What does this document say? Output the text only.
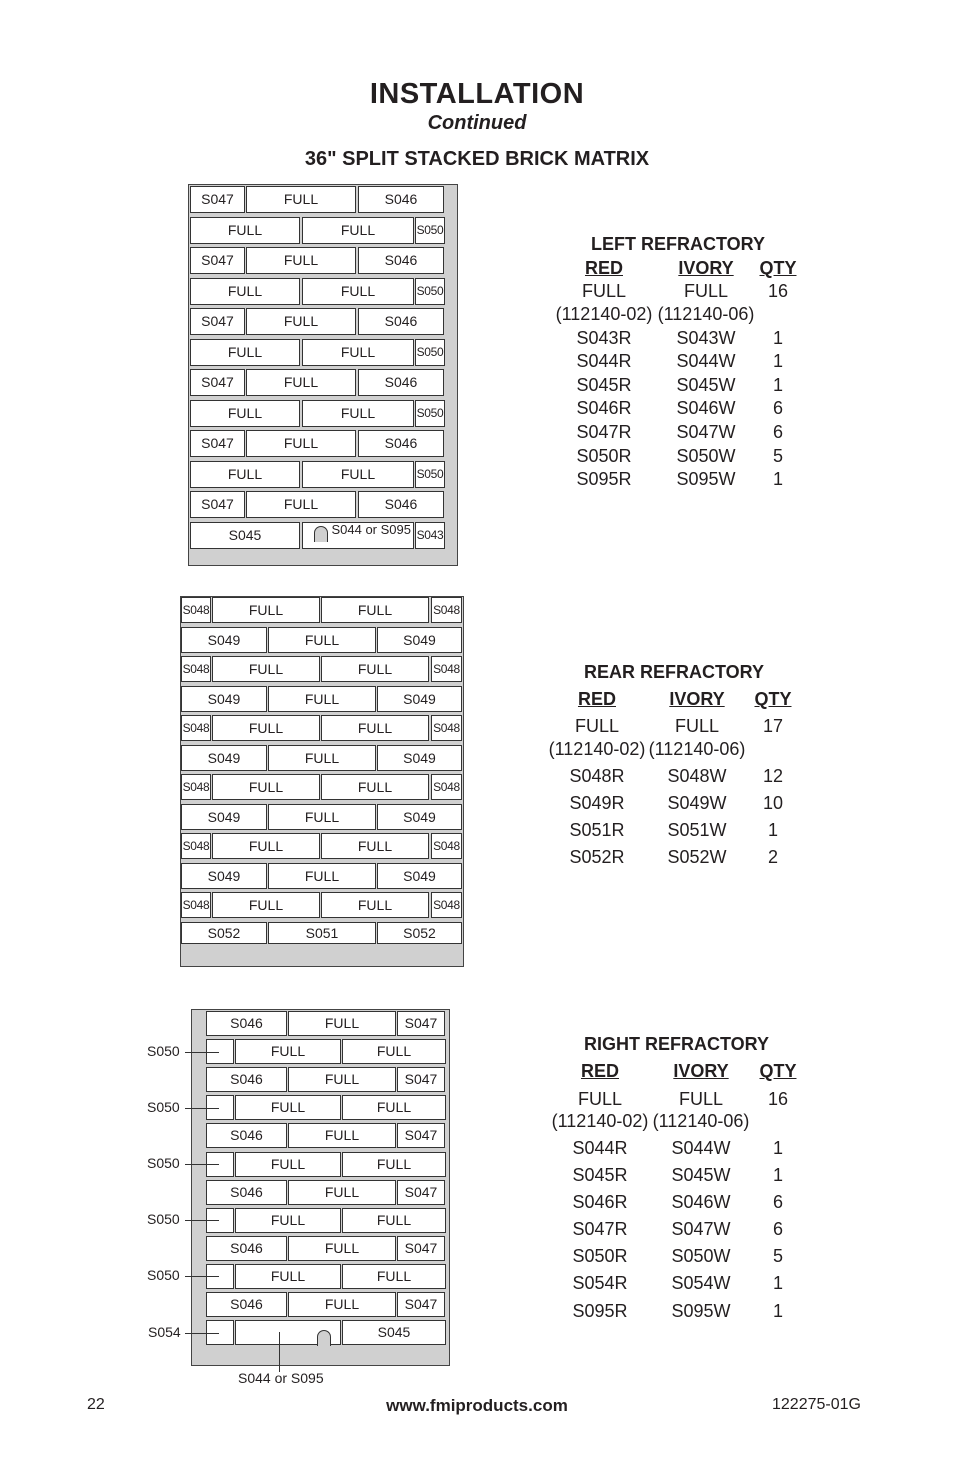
INSTALLATION
Continued
36" SPLIT STACKED BRICK MATRIX
S047	FULL	S046
FULL	FULL	S050
S047	FULL	S046
FULL	FULL	S050
S047	FULL	S046
FULL	FULL	S050
S047	FULL	S046
FULL	FULL	S050
S047	FULL	S046
FULL	FULL	S050
S047	FULL	S046
S045	S044 or S095 S043
S048	FULL	FULL	S048
S049	FULL	S049
S048	FULL	FULL	S048
S049	FULL	S049
S048	FULL	FULL	S048
S049	FULL	S049
S048	FULL	FULL	S048
S049	FULL	S049
S048	FULL	FULL	S048
S049	FULL	S049
S048	FULL	FULL	S048
S052	S051	S052
S046	FULL	S047
FULL	FULL
S046	FULL	S047
FULL	FULL
S046	FULL	S047
FULL	FULL
S046	FULL	S047
FULL	FULL
S046	FULL	S047
FULL	FULL
S046	FULL	S047
S045
S050
S050
S050
S050
S050
S054
S044 or S095
LEFT REFRACTORY
RED	IVORY	QTY
FULL	FULL	16
(112140-02) (112140-06)
S043R	S043W	1
S044R	S044W	1
S045R	S045W	1
S046R	S046W	6
S047R	S047W	6
S050R	S050W	5
S095R	S095W	1
REAR REFRACTORY
RED	IVORY	QTY
FULL	FULL	17
(112140-02) (112140-06)
S048R	S048W	12
S049R	S049W	10
S051R	S051W	1
S052R	S052W	2
RIGHT REFRACTORY
RED	IVORY	QTY
FULL	FULL	16
(112140-02) (112140-06)
S044R	S044W	1
S045R	S045W	1
S046R	S046W	6
S047R	S047W	6
S050R	S050W	5
S054R	S054W	1
S095R	S095W	1
22	www.fmiproducts.com	122275-01G
